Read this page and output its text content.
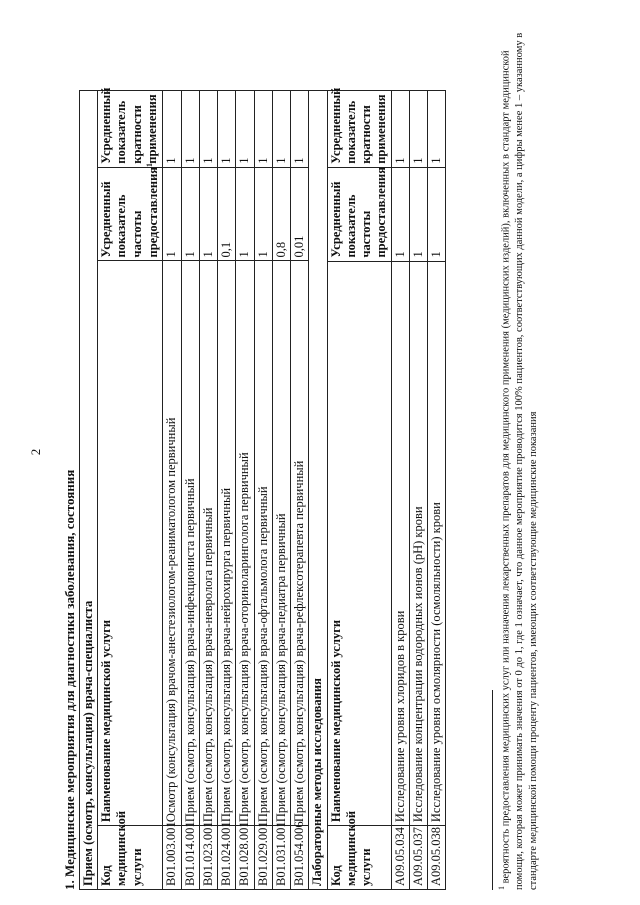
2
1. Медицинские мероприятия для диагностики заболевания, состояния Прием (осмотр, консультация) врача-специалиста			
Код медицинской услуги	Наименование медицинской услуги	Усредненный показатель частоты предоставления$^1$	Усредненный показатель кратности применения
B01.003.001	Осмотр (консультация) врачом-анестезиологом-реаниматологом первичный	1	1
B01.014.001	Прием (осмотр, консультация) врача-инфекциониста первичный	1	1
B01.023.001	Прием (осмотр, консультация) врача-невролога первичный	1	1
B01.024.001	Прием (осмотр, консультация) врача-нейрохирурга первичный	0,1	1
B01.028.001	Прием (осмотр, консультация) врача-оториноларинголога первичный	1	1
B01.029.001	Прием (осмотр, консультация) врача-офтальмолога первичный	1	1
B01.031.001	Прием (осмотр, консультация) врача-педиатра первичный	0,8	1
B01.054.006	Прием (осмотр, консультация) врача-рефлексотерапевта первичный	0,01	1
Лабораторные методы исследования			
Код медицинской услуги	Наименование медицинской услуги	Усредненный показатель частоты предоставления	Усредненный показатель кратности применения
A09.05.034	Исследование уровня хлоридов в крови	1	1
A09.05.037	Исследование концентрации водородных ионов (pH) крови	1	1
A09.05.038	Исследование уровня осмолярности (осмоляльности) крови	1	1
$^1$ вероятность предоставления медицинских услуг или назначения лекарственных препаратов для медицинского применения (медицинских изделий), включенных в стандарт медицинской помощи, которая может принимать значения от 0 до 1, где 1 означает, что данное мероприятие проводится 100% пациентов, соответствующих данной модели, а цифры менее 1 – указанному в стандарте медицинской помощи проценту пациентов, имеющих соответствующие медицинские показания
